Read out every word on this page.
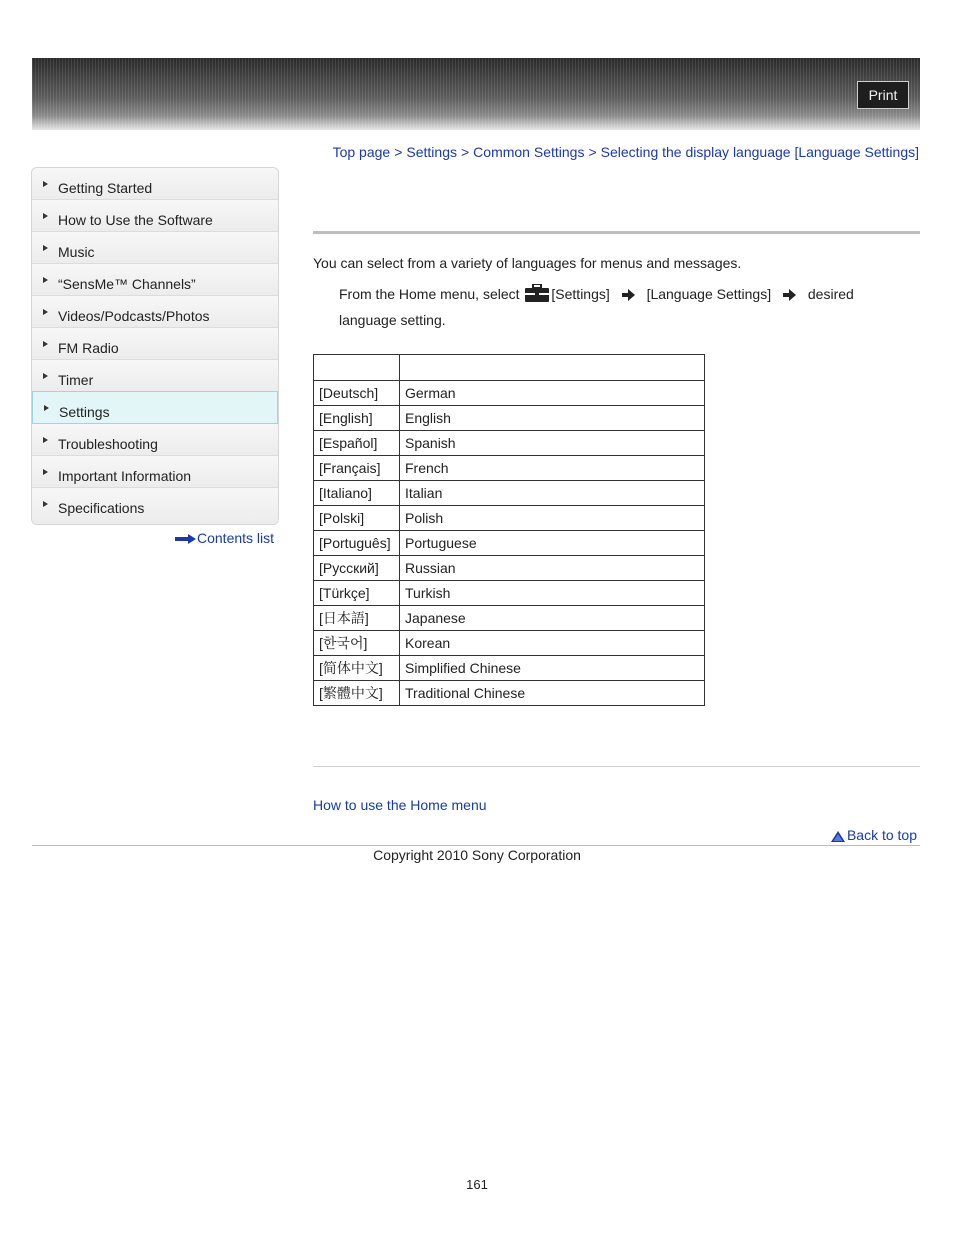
Print
Top page > Settings > Common Settings > Selecting the display language [Language Settings]
Getting Started
How to Use the Software
Music
“SensMe™ Channels”
Videos/Podcasts/Photos
FM Radio
Timer
Settings
Troubleshooting
Important Information
Specifications
Contents list
You can select from a variety of languages for menus and messages.
From the Home menu, select [Settings]	[Language Settings]	desired language setting.

[Deutsch]	German
[English]	English
[Español]	Spanish
[Français]	French
[Italiano]	Italian
[Polski]	Polish
[Português]	Portuguese
[Русский]	Russian
[Türkçe]	Turkish
[日本語]	Japanese
[한국어]	Korean
[简体中文]	Simplified Chinese
[繁體中文]	Traditional Chinese
How to use the Home menu
Back to top
Copyright 2010 Sony Corporation
161
